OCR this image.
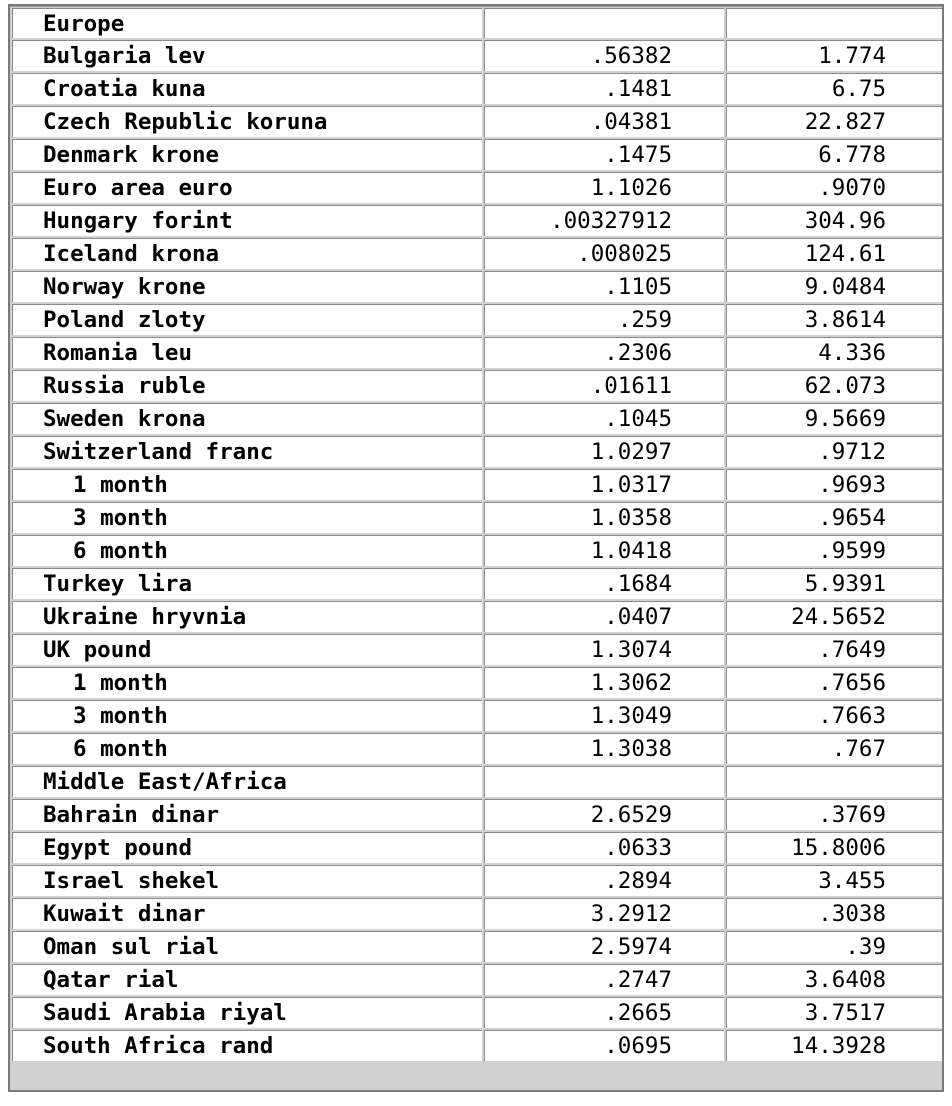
Europe		
Bulgaria lev	.56382	1.774
Croatia kuna	.1481	6.75
Czech Republic koruna	.04381	22.827
Denmark krone	.1475	6.778
Euro area euro	1.1026	.9070
Hungary forint	.00327912	304.96
Iceland krona	.008025	124.61
Norway krone	.1105	9.0484
Poland zloty	.259	3.8614
Romania leu	.2306	4.336
Russia ruble	.01611	62.073
Sweden krona	.1045	9.5669
Switzerland franc	1.0297	.9712
1 month	1.0317	.9693
3 month	1.0358	.9654
6 month	1.0418	.9599
Turkey lira	.1684	5.9391
Ukraine hryvnia	.0407	24.5652
UK pound	1.3074	.7649
1 month	1.3062	.7656
3 month	1.3049	.7663
6 month	1.3038	.767
Middle East/Africa		
Bahrain dinar	2.6529	.3769
Egypt pound	.0633	15.8006
Israel shekel	.2894	3.455
Kuwait dinar	3.2912	.3038
Oman sul rial	2.5974	.39
Qatar rial	.2747	3.6408
Saudi Arabia riyal	.2665	3.7517
South Africa rand	.0695	14.3928
